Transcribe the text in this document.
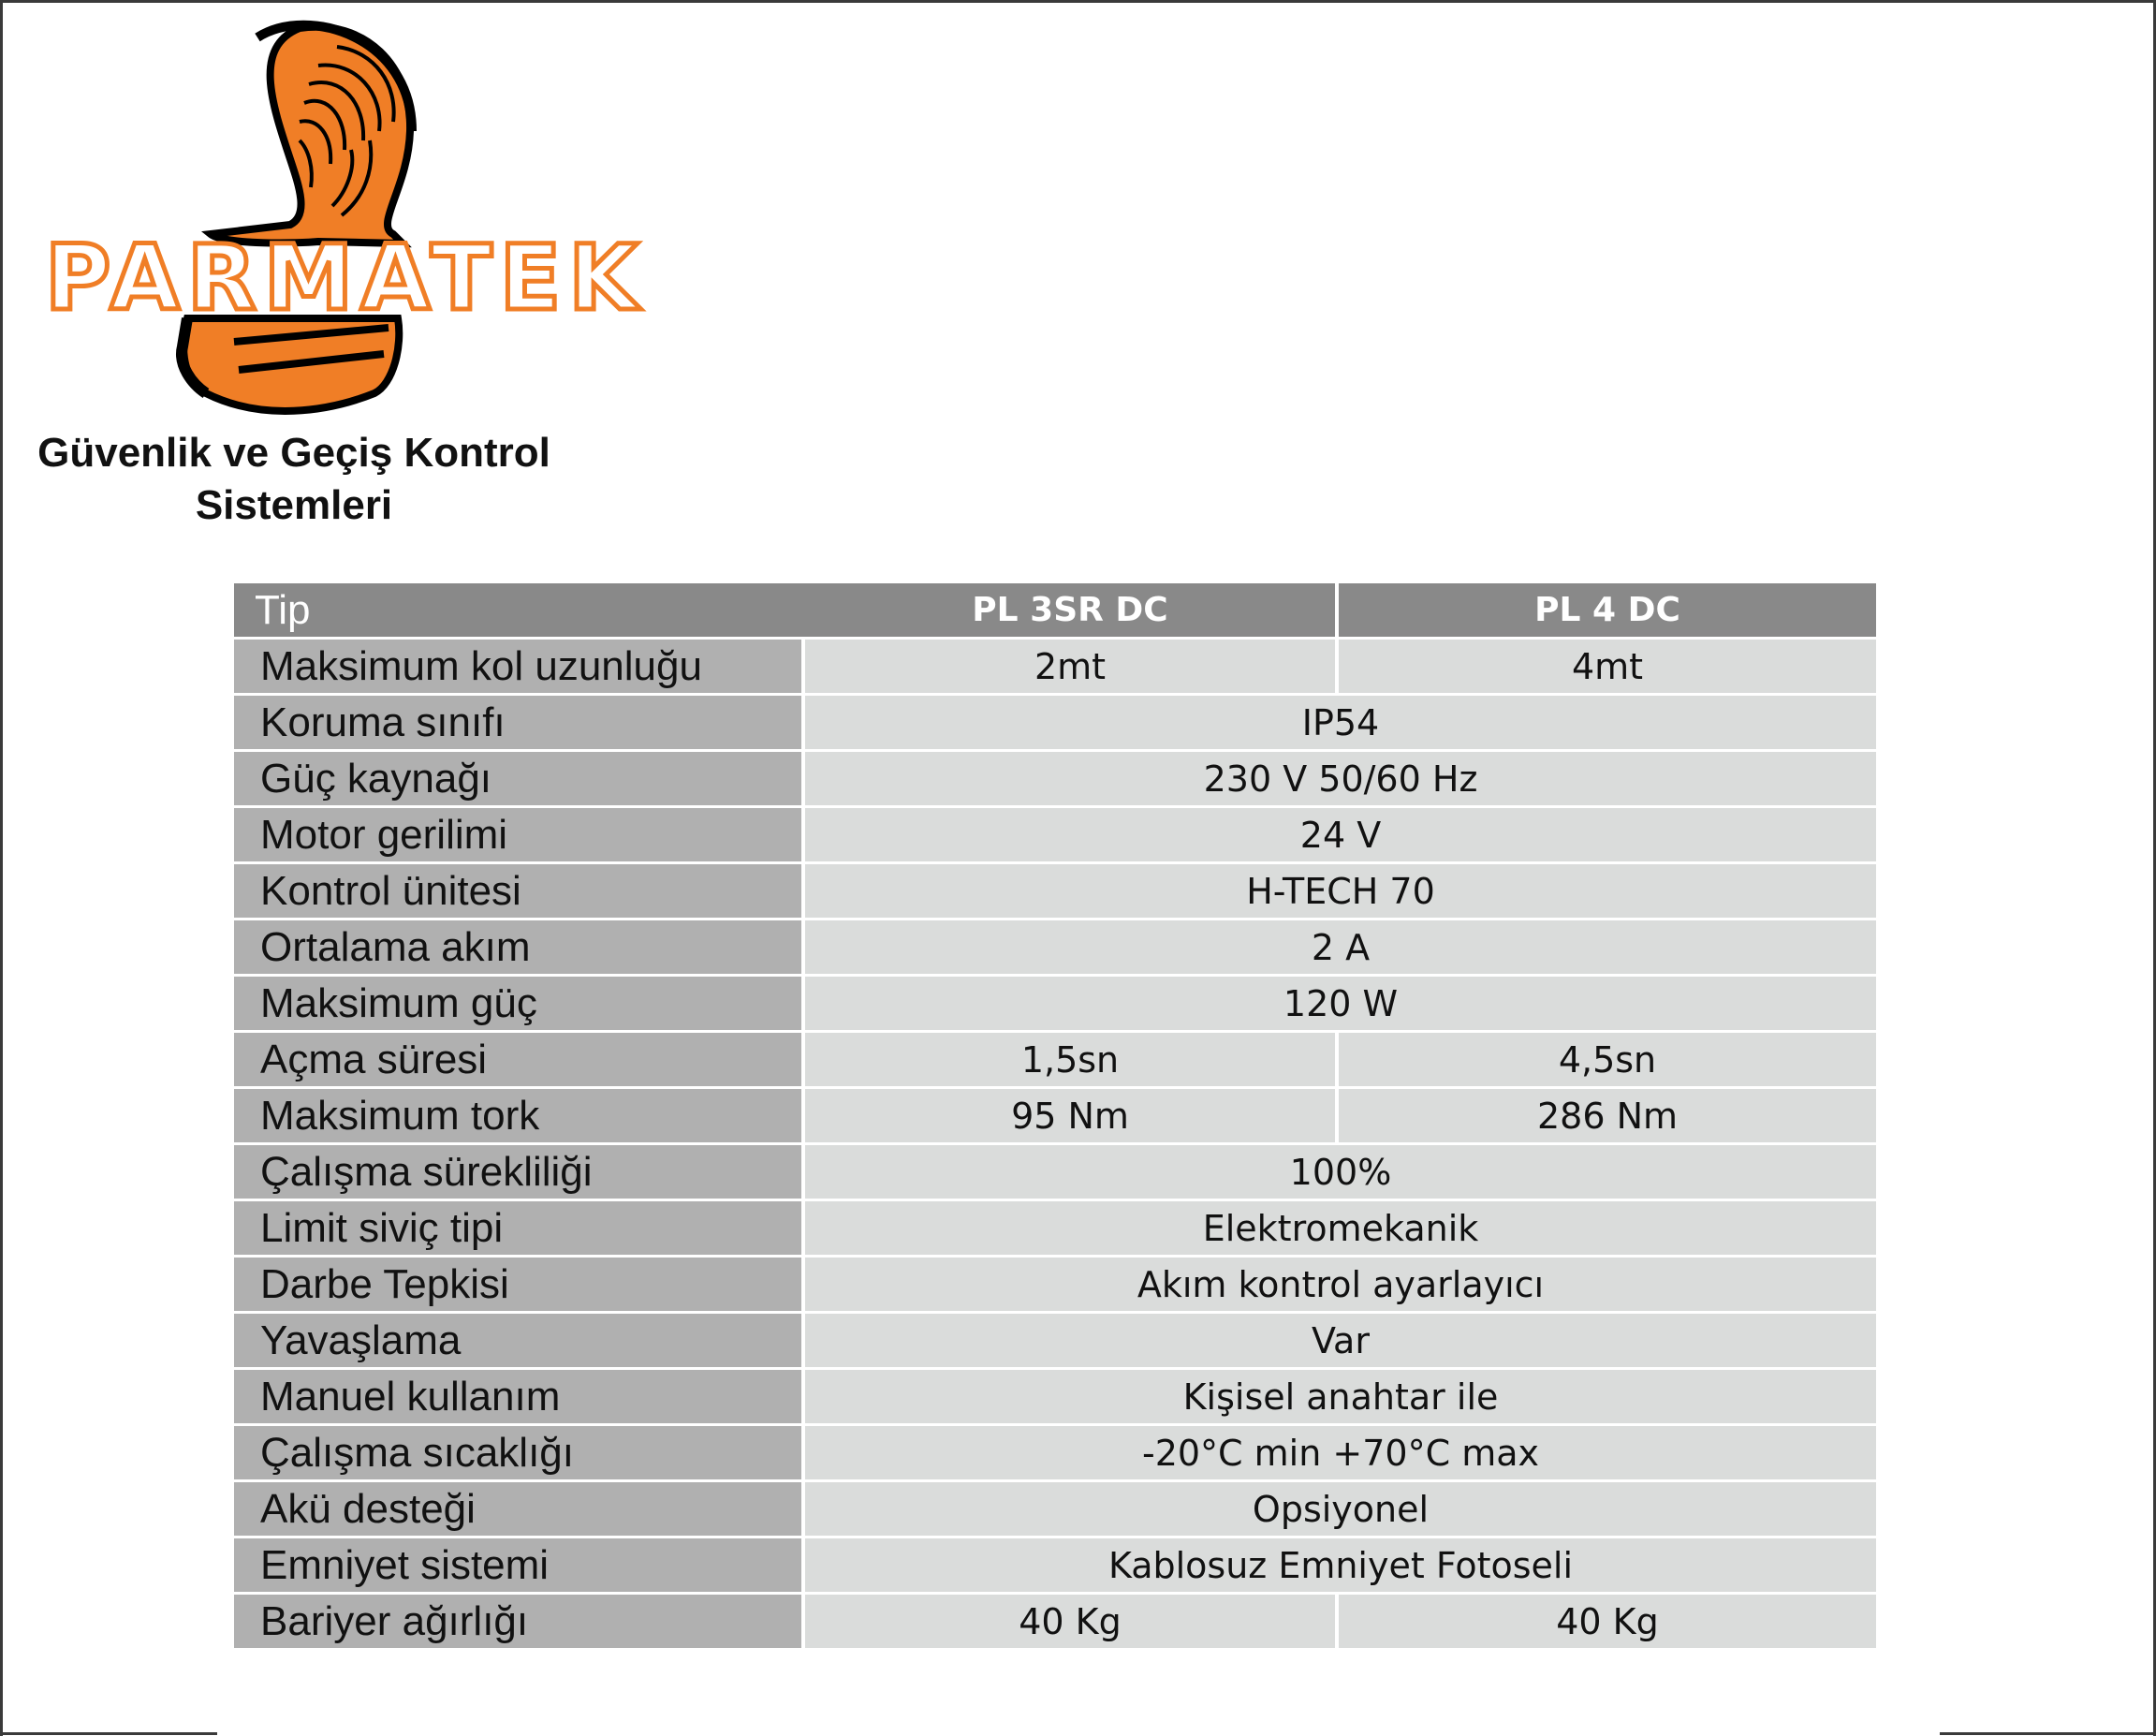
PARMATEK
Güvenlik ve Geçiş Kontrol
Sistemleri
Tip	PL 3SR DC	PL 4 DC
Maksimum kol uzunluğu	2mt	4mt
Koruma sınıfı	IP54	
Güç kaynağı	230 V 50/60 Hz	
Motor gerilimi	24 V	
Kontrol ünitesi	H-TECH 70	
Ortalama akım	2 A	
Maksimum güç	120 W	
Açma süresi	1,5sn	4,5sn
Maksimum tork	95 Nm	286 Nm
Çalışma sürekliliği	100%	
Limit siviç tipi	Elektromekanik	
Darbe Tepkisi	Akım kontrol ayarlayıcı	
Yavaşlama	Var	
Manuel kullanım	Kişisel anahtar ile	
Çalışma sıcaklığı	-20°C min +70°C max	
Akü desteği	Opsiyonel	
Emniyet sistemi	Kablosuz Emniyet Fotoseli	
Bariyer ağırlığı	40 Kg	40 Kg
